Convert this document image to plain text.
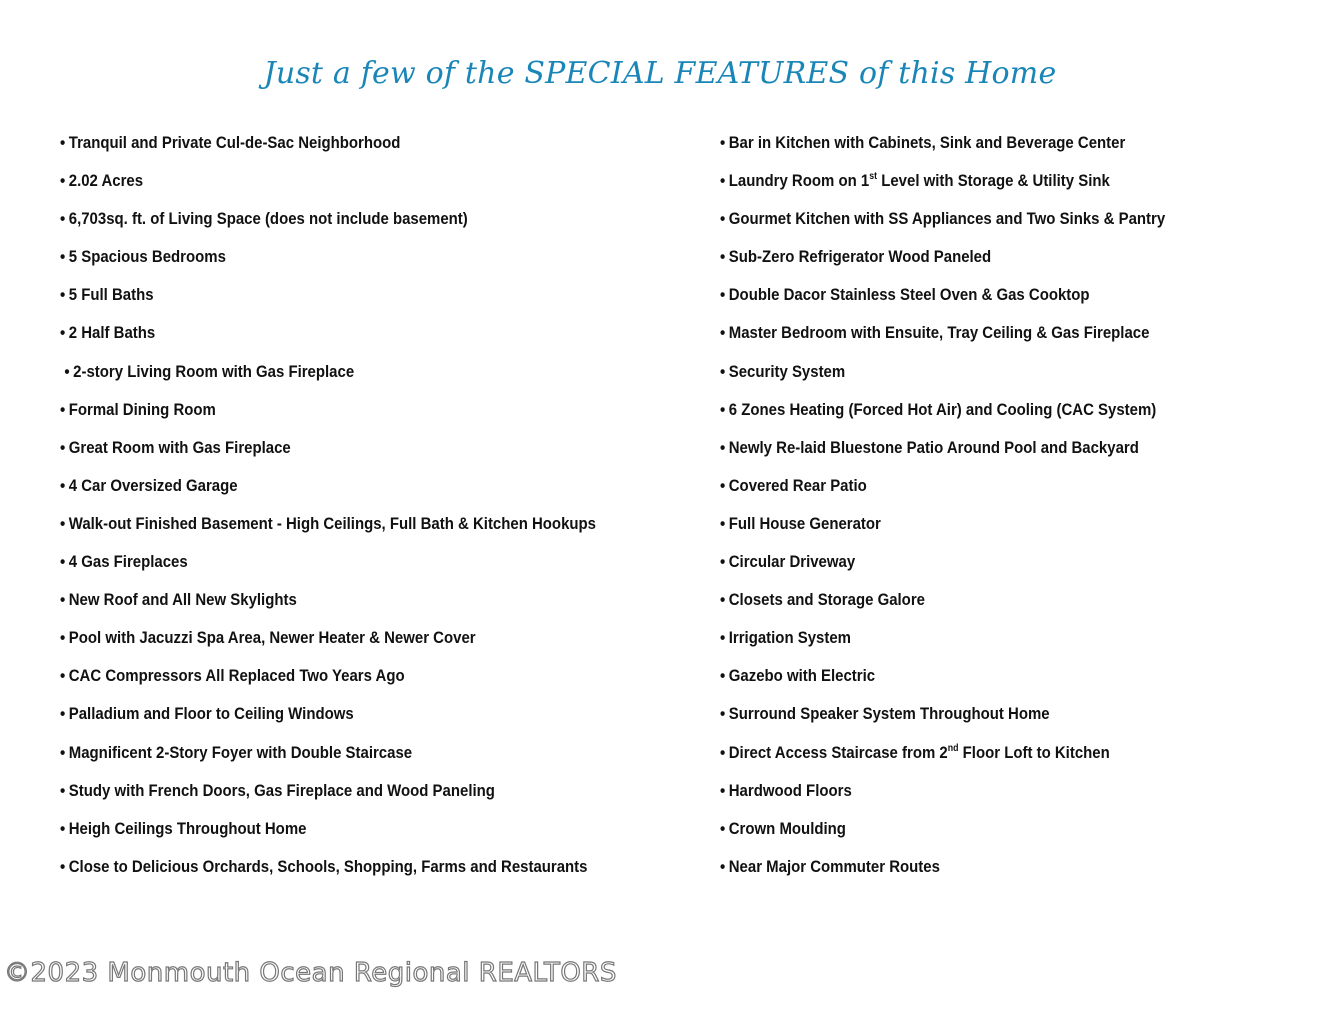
Just a few of the SPECIAL FEATURES of this Home
• Tranquil and Private Cul-de-Sac Neighborhood
• 2.02 Acres
• 6,703sq. ft. of Living Space (does not include basement)
• 5 Spacious Bedrooms
• 5 Full Baths
• 2 Half Baths
• 2-story Living Room with Gas Fireplace
• Formal Dining Room
• Great Room with Gas Fireplace
• 4 Car Oversized Garage
• Walk-out Finished Basement - High Ceilings, Full Bath & Kitchen Hookups
• 4 Gas Fireplaces
• New Roof and All New Skylights
• Pool with Jacuzzi Spa Area, Newer Heater & Newer Cover
• CAC Compressors All Replaced Two Years Ago
• Palladium and Floor to Ceiling Windows
• Magnificent 2-Story Foyer with Double Staircase
• Study with French Doors, Gas Fireplace and Wood Paneling
• Heigh Ceilings Throughout Home
• Close to Delicious Orchards, Schools, Shopping, Farms and Restaurants
• Bar in Kitchen with Cabinets, Sink and Beverage Center
• Laundry Room on 1st Level with Storage & Utility Sink
• Gourmet Kitchen with SS Appliances and Two Sinks & Pantry
• Sub-Zero Refrigerator Wood Paneled
• Double Dacor Stainless Steel Oven & Gas Cooktop
• Master Bedroom with Ensuite, Tray Ceiling & Gas Fireplace
• Security System
• 6 Zones Heating (Forced Hot Air) and Cooling (CAC System)
• Newly Re-laid Bluestone Patio Around Pool and Backyard
• Covered Rear Patio
• Full House Generator
• Circular Driveway
• Closets and Storage Galore
• Irrigation System
• Gazebo with Electric
• Surround Speaker System Throughout Home
• Direct Access Staircase from 2nd Floor Loft to Kitchen
• Hardwood Floors
• Crown Moulding
• Near Major Commuter Routes
©2023 Monmouth Ocean Regional REALTORS
